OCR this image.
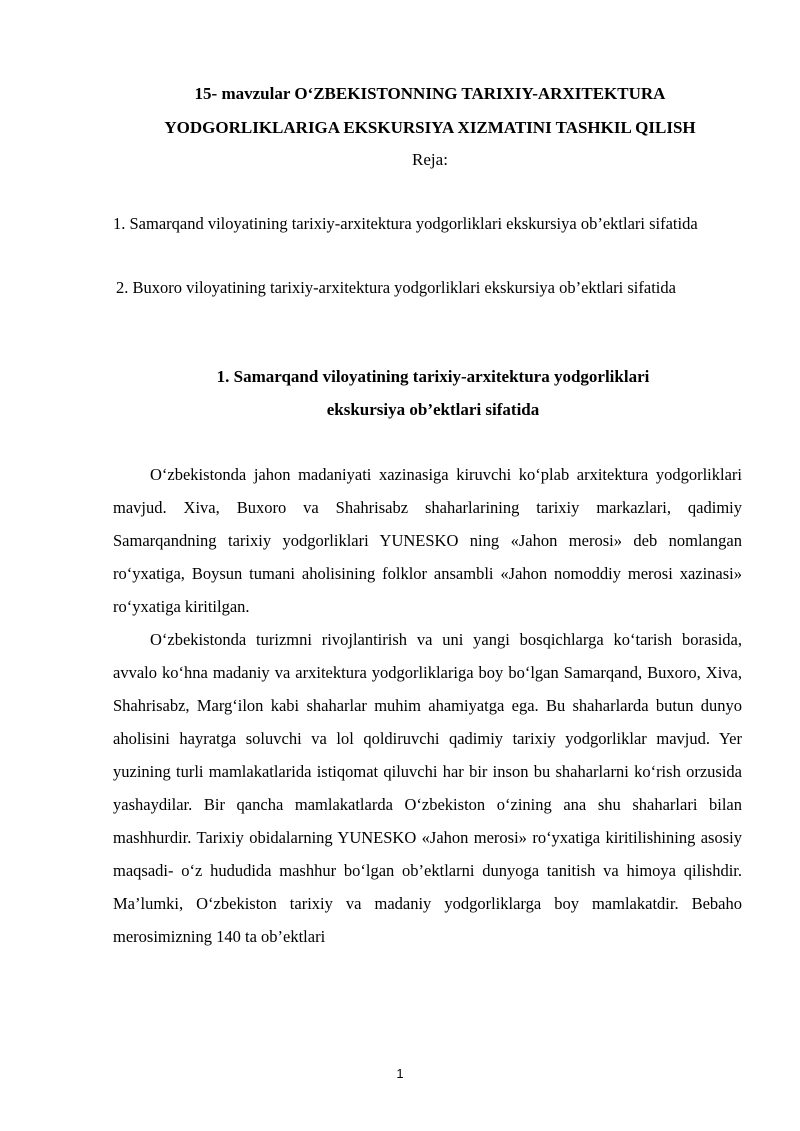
15- mavzular O‘ZBEKISTONNING TARIXIY-ARXITEKTURA
YODGORLIKLARIGA EKSKURSIYA XIZMATINI TASHKIL QILISH
Reja:
1. Samarqand viloyatining tarixiy-arxitektura yodgorliklari ekskursiya ob’ektlari sifatida
2. Buxoro viloyatining tarixiy-arxitektura yodgorliklari ekskursiya ob’ektlari sifatida
1. Samarqand viloyatining tarixiy-arxitektura yodgorliklari
ekskursiya ob’ektlari sifatida

O‘zbekistonda jahon madaniyati xazinasiga kiruvchi ko‘plab arxitektura yodgorliklari mavjud. Xiva, Buxoro va Shahrisabz shaharlarining tarixiy markazlari, qadimiy Samarqandning tarixiy yodgorliklari YUNESKO ning «Jahon merosi» deb nomlangan ro‘yxatiga, Boysun tumani aholisining folklor ansambli «Jahon nomoddiy merosi xazinasi» ro‘yxatiga kiritilgan.

O‘zbekistonda turizmni rivojlantirish va uni yangi bosqichlarga ko‘tarish borasida, avvalo ko‘hna madaniy va arxitektura yodgorliklariga boy bo‘lgan Samarqand, Buxoro, Xiva, Shahrisabz, Marg‘ilon kabi shaharlar muhim ahamiyatga ega. Bu shaharlarda butun dunyo aholisini hayratga soluvchi va lol qoldiruvchi qadimiy tarixiy yodgorliklar mavjud. Yer yuzining turli mamlakatlarida istiqomat qiluvchi har bir inson bu shaharlarni ko‘rish orzusida yashaydilar. Bir qancha mamlakatlarda O‘zbekiston o‘zining ana shu shaharlari bilan mashhurdir. Tarixiy obidalarning YUNESKO «Jahon merosi» ro‘yxatiga kiritilishining asosiy maqsadi- o‘z hududida mashhur bo‘lgan ob’ektlarni dunyoga tanitish va himoya qilishdir. Ma’lumki, O‘zbekiston tarixiy va madaniy yodgorliklarga boy mamlakatdir. Bebaho merosimizning 140 ta ob’ektlari

1
